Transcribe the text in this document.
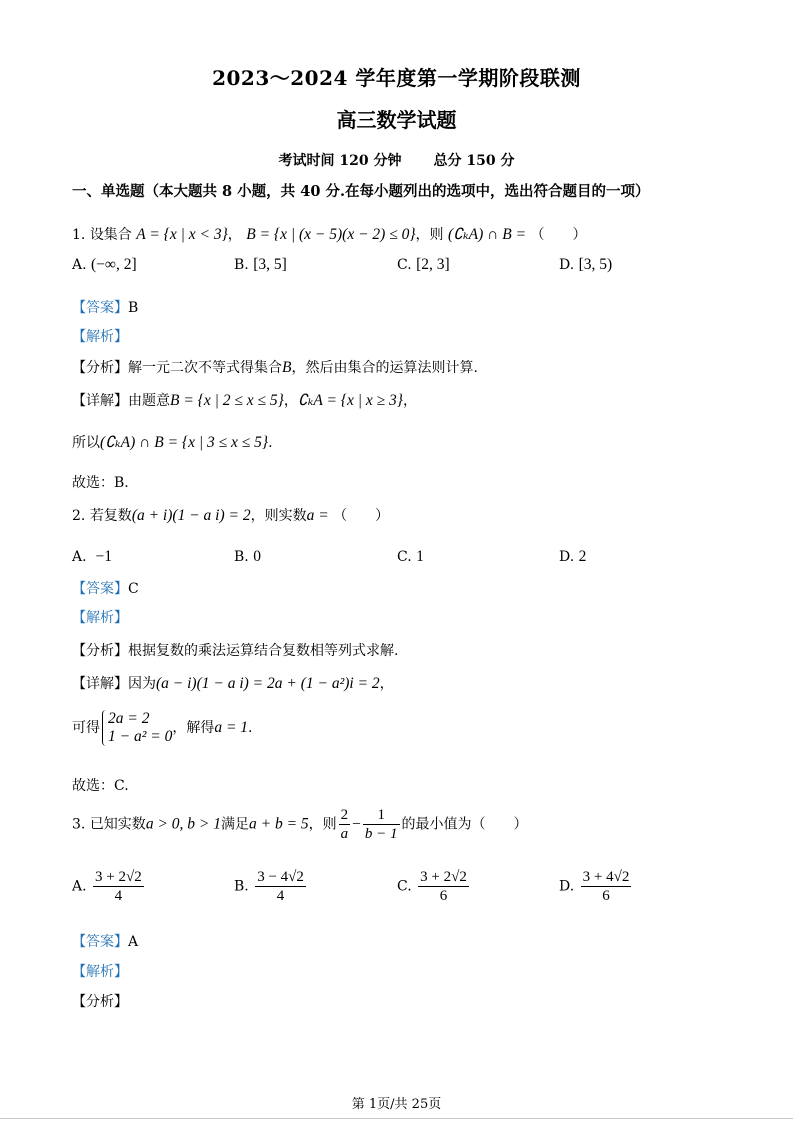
2023～2024 学年度第一学期阶段联测
高三数学试题
考试时间 120 分钟 总分 150 分
一、单选题（本大题共 8 小题，共 40 分.在每小题列出的选项中，选出符合题目的一项）
1. 设集合 A = {x | x < 3}， B = {x | (x − 5)(x − 2) ≤ 0}，则 (∁ₖA) ∩ B = （　　）
A. (−∞, 2]	B. [3, 5]	C. [2, 3]	D. [3, 5)
【答案】B
【解析】
【分析】解一元二次不等式得集合B，然后由集合的运算法则计算.
【详解】由题意B = {x | 2 ≤ x ≤ 5}，∁ₖA = {x | x ≥ 3}，
所以(∁ₖA) ∩ B = {x | 3 ≤ x ≤ 5}.
故选：B.
2. 若复数(a + i)(1 − a i) = 2，则实数a = （　　）
A. −1	B. 0	C. 1	D. 2
【答案】C
【解析】
【分析】根据复数的乘法运算结合复数相等列式求解.
【详解】因为(a − i)(1 − a i) = 2a + (1 − a²)i = 2，
可得
2a = 2
1 − a² = 0 ，解得a = 1.
故选：C.
3. 已知实数a > 0, b > 1满足a + b = 5，则 $\frac{2}{a} - \frac{1}{b - 1}$ 的最小值为（　　）
A. $\frac{3 + 2√2}{4}$	B. $\frac{3 - 4√2}{4}$	C. $\frac{3 + 2√2}{6}$	D. $\frac{3 + 4√2}{6}$
【答案】A
【解析】
【分析】
第 1页/共 25页
